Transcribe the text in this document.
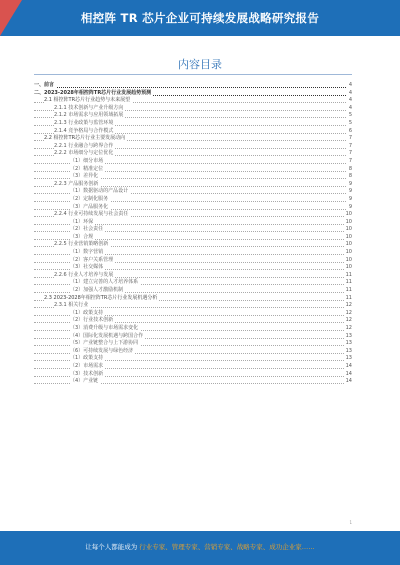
相控阵 TR 芯片企业可持续发展战略研究报告
内容目录
一、前言	4
二、2023-2028年相控阵TR芯片行业发展趋势预测	4
2.1 相控阵TR芯片行业趋势与未来展望	4
2.1.1 技术创新与产业升级方向	4
2.1.2 市场需求与应用领域拓展	5
2.1.3 行业政策与监管环境	5
2.1.4 竞争格局与合作模式	6
2.2 相控阵TR芯片行业主要发展动向	7
2.2.1 行业融合与跨界合作	7
2.2.2 市场细分与定位优化	7
（1）细分市场	7
（2）精准定位	8
（3）差异化	8
2.2.3 产品服务创新	9
（1）数据驱动的产品设计	9
（2）定制化服务	9
（3）产品服务化	9
2.2.4 行业可持续发展与社会责任	10
（1）环保	10
（2）社会责任	10
（3）合规	10
2.2.5 行业营销策略创新	10
（1）数字营销	10
（2）客户关系管理	10
（3）社交媒体	10
2.2.6 行业人才培养与发展	11
（1）建立完善的人才培养体系	11
（2）加强人才激励机制	11
2.3 2023-2028年相控阵TR芯片行业发展机遇分析	11
2.3.1 相关行业	12
（1）政策支持	12
（2）行业技术创新	12
（3）消费升级与市场需求变化	12
（4）国际化发展机遇与跨国合作	13
（5）产业链整合与上下游协同	13
（6）可持续发展与绿色经济	13
（1）政策支持	13
（2）市场需求	14
（3）技术创新	14
（4）产业链	14
1
让每个人都能成为 行业专家、管理专家、营销专家、战略专家、成功企业家……
